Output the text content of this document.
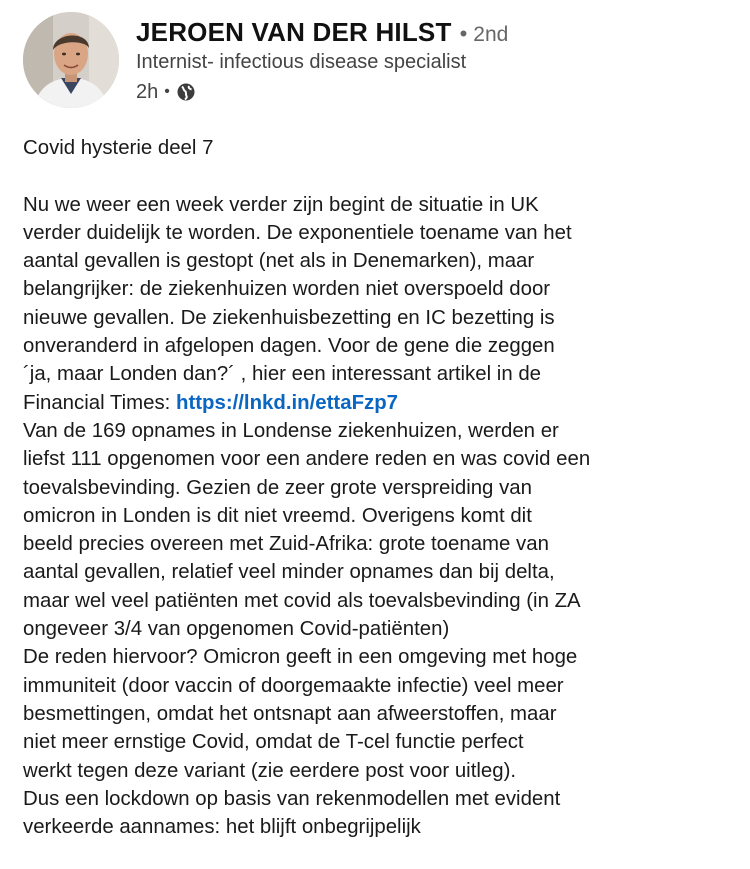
JEROEN VAN DER HILST • 2nd
Internist- infectious disease specialist
2h •
Covid hysterie deel 7
Nu we weer een week verder zijn begint de situatie in UK
verder duidelijk te worden. De exponentiele toename van het
aantal gevallen is gestopt (net als in Denemarken), maar
belangrijker: de ziekenhuizen worden niet overspoeld door
nieuwe gevallen. De ziekenhuisbezetting en IC bezetting is
onveranderd in afgelopen dagen. Voor de gene die zeggen
´ja, maar Londen dan?´ , hier een interessant artikel in de
Financial Times: https://lnkd.in/ettaFzp7
Van de 169 opnames in Londense ziekenhuizen, werden er
liefst 111 opgenomen voor een andere reden en was covid een
toevalsbevinding. Gezien de zeer grote verspreiding van
omicron in Londen is dit niet vreemd. Overigens komt dit
beeld precies overeen met Zuid-Afrika: grote toename van
aantal gevallen, relatief veel minder opnames dan bij delta,
maar wel veel patiënten met covid als toevalsbevinding (in ZA
ongeveer 3/4 van opgenomen Covid-patiënten)
De reden hiervoor? Omicron geeft in een omgeving met hoge
immuniteit (door vaccin of doorgemaakte infectie) veel meer
besmettingen, omdat het ontsnapt aan afweerstoffen, maar
niet meer ernstige Covid, omdat de T-cel functie perfect
werkt tegen deze variant (zie eerdere post voor uitleg).
Dus een lockdown op basis van rekenmodellen met evident
verkeerde aannames: het blijft onbegrijpelijk
